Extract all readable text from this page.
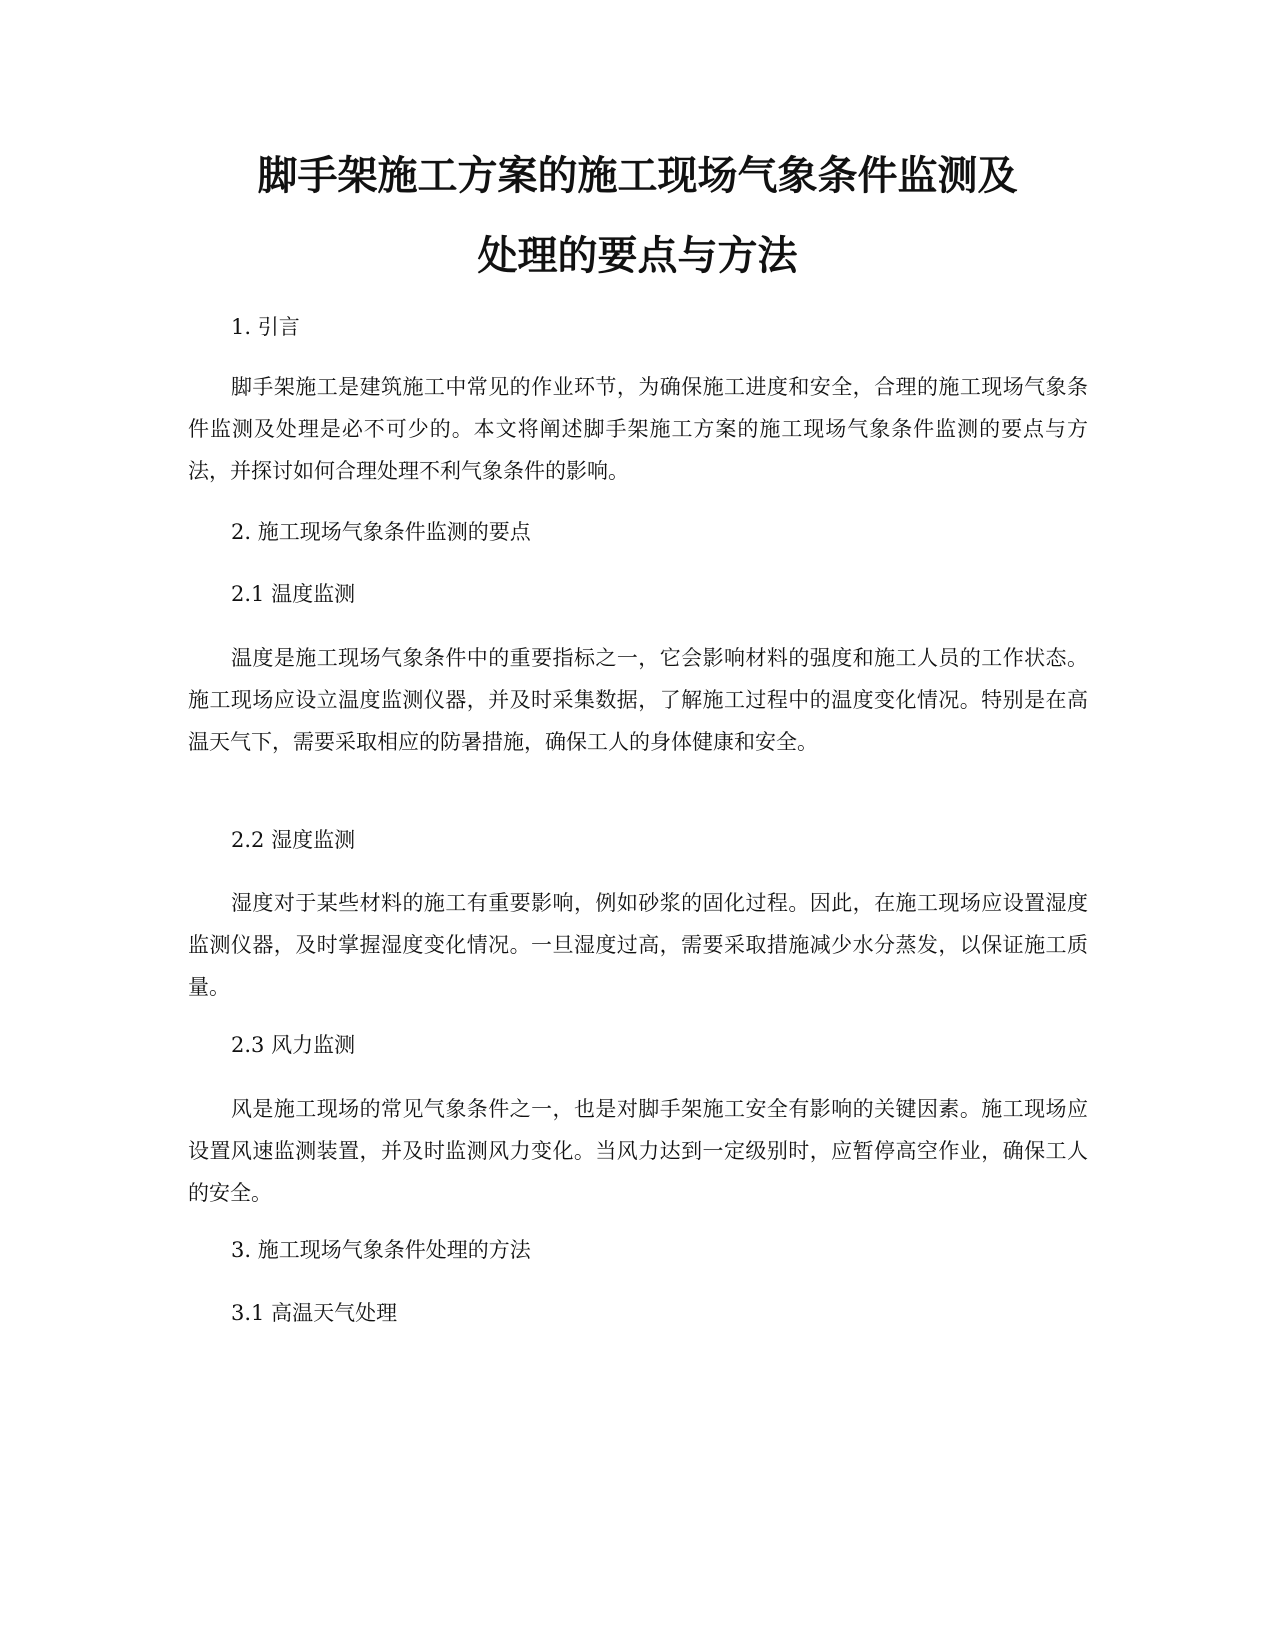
脚手架施工方案的施工现场气象条件监测及
处理的要点与方法

1. 引言

脚手架施工是建筑施工中常见的作业环节，为确保施工进度和安全，合理的施工现场气象条件监测及处理是必不可少的。本文将阐述脚手架施工方案的施工现场气象条件监测的要点与方法，并探讨如何合理处理不利气象条件的影响。

2. 施工现场气象条件监测的要点

2.1 温度监测

温度是施工现场气象条件中的重要指标之一，它会影响材料的强度和施工人员的工作状态。施工现场应设立温度监测仪器，并及时采集数据，了解施工过程中的温度变化情况。特别是在高温天气下，需要采取相应的防暑措施，确保工人的身体健康和安全。

2.2 湿度监测

湿度对于某些材料的施工有重要影响，例如砂浆的固化过程。因此，在施工现场应设置湿度监测仪器，及时掌握湿度变化情况。一旦湿度过高，需要采取措施减少水分蒸发，以保证施工质量。

2.3 风力监测

风是施工现场的常见气象条件之一，也是对脚手架施工安全有影响的关键因素。施工现场应设置风速监测装置，并及时监测风力变化。当风力达到一定级别时，应暂停高空作业，确保工人的安全。

3. 施工现场气象条件处理的方法

3.1 高温天气处理
